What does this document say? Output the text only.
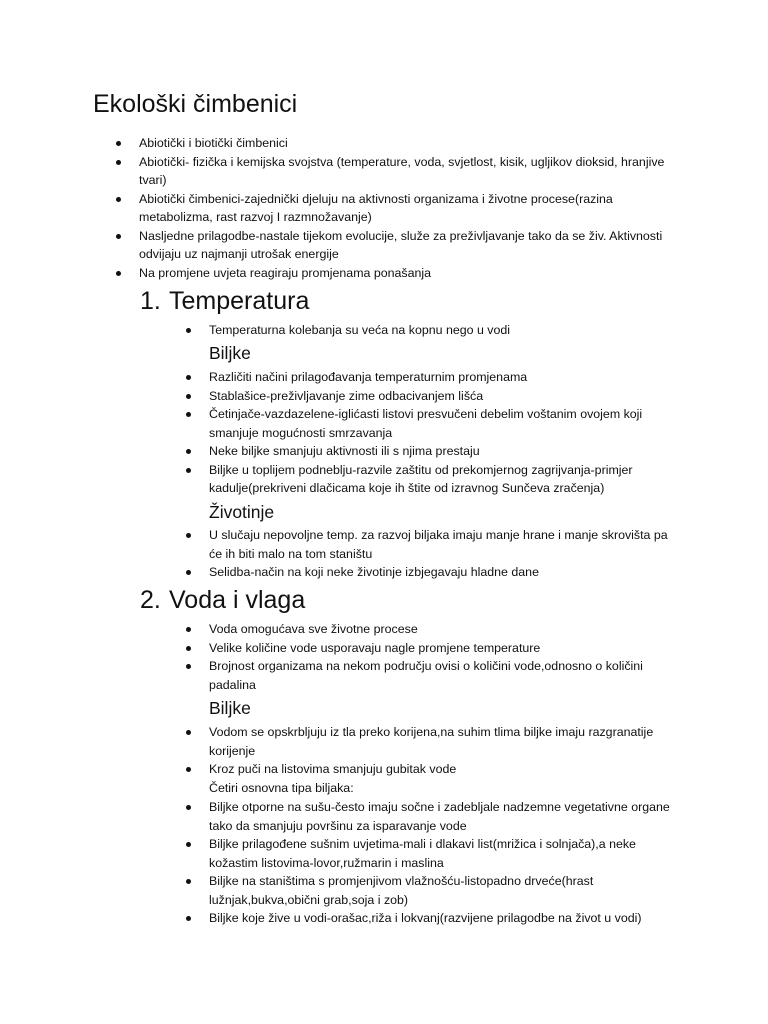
Ekološki čimbenici
Abiotički i biotički čimbenici
Abiotički- fizička i kemijska svojstva (temperature, voda, svjetlost, kisik, ugljikov dioksid, hranjive tvari)
Abiotički čimbenici-zajednički djeluju na aktivnosti organizama i životne procese(razina metabolizma, rast razvoj I razmnožavanje)
Nasljedne prilagodbe-nastale tijekom evolucije, služe za preživljavanje tako da se živ. Aktivnosti odvijaju uz najmanji utrošak energije
Na promjene uvjeta reagiraju promjenama ponašanja
1. Temperatura
Temperaturna kolebanja su veća na kopnu nego u vodi
Biljke
Različiti načini prilagođavanja temperaturnim promjenama
Stablašice-preživljavanje zime odbacivanjem lišća
Četinjače-vazdazelene-iglićasti listovi presvučeni debelim voštanim ovojem koji smanjuje mogućnosti smrzavanja
Neke biljke smanjuju aktivnosti ili s njima prestaju
Biljke u toplijem podneblju-razvile zaštitu od prekomjernog zagrijvanja-primjer kadulje(prekriveni dlačicama koje ih štite od izravnog Sunčeva zračenja)
Životinje
U slučaju nepovoljne temp. za razvoj biljaka imaju manje hrane i manje skrovišta pa će ih biti malo na tom staništu
Selidba-način na koji neke životinje izbjegavaju hladne dane
2. Voda i vlaga
Voda omogućava sve životne procese
Velike količine vode usporavaju nagle promjene temperature
Brojnost organizama na nekom području ovisi o količini vode,odnosno o količini padalina
Biljke
Vodom se opskrbljuju iz tla preko korijena,na suhim tlima biljke imaju razgranatije korijenje
Kroz puči na listovima smanjuju gubitak vode
Četiri osnovna tipa biljaka:
Biljke otporne na sušu-često imaju sočne i zadebljale nadzemne vegetativne organe tako da smanjuju površinu za isparavanje vode
Biljke prilagođene sušnim uvjetima-mali i dlakavi list(mrižica i solnjača),a neke kožastim listovima-lovor,ružmarin i maslina
Biljke na staništima s promjenjivom vlažnošću-listopadno drveće(hrast lužnjak,bukva,obični grab,soja i zob)
Biljke koje žive u vodi-orašac,riža i lokvanj(razvijene prilagodbe na život u vodi)
